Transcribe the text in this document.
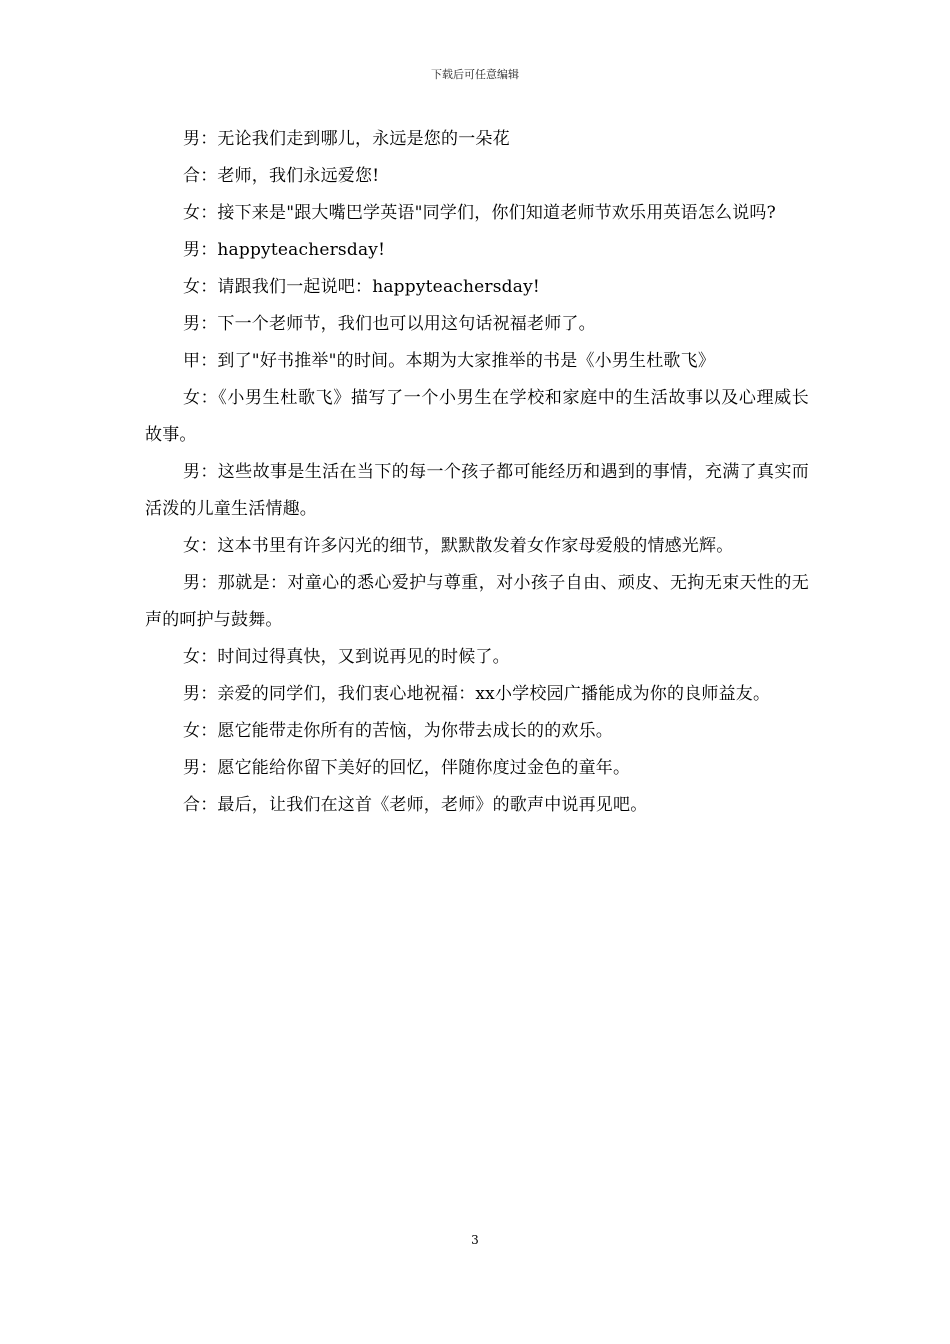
下载后可任意编辑

男：无论我们走到哪儿，永远是您的一朵花

合：老师，我们永远爱您!

女：接下来是"跟大嘴巴学英语"同学们，你们知道老师节欢乐用英语怎么说吗?

男：happyteachersday!

女：请跟我们一起说吧：happyteachersday!

男：下一个老师节，我们也可以用这句话祝福老师了。

甲：到了"好书推举"的时间。本期为大家推举的书是《小男生杜歌飞》

女：《小男生杜歌飞》描写了一个小男生在学校和家庭中的生活故事以及心理威长故事。

男：这些故事是生活在当下的每一个孩子都可能经历和遇到的事情，充满了真实而活泼的儿童生活情趣。

女：这本书里有许多闪光的细节，默默散发着女作家母爱般的情感光辉。

男：那就是：对童心的悉心爱护与尊重，对小孩子自由、顽皮、无拘无束天性的无声的呵护与鼓舞。

女：时间过得真快，又到说再见的时候了。

男：亲爱的同学们，我们衷心地祝福：xx小学校园广播能成为你的良师益友。

女：愿它能带走你所有的苦恼，为你带去成长的的欢乐。

男：愿它能给你留下美好的回忆，伴随你度过金色的童年。

合：最后，让我们在这首《老师，老师》的歌声中说再见吧。

3
